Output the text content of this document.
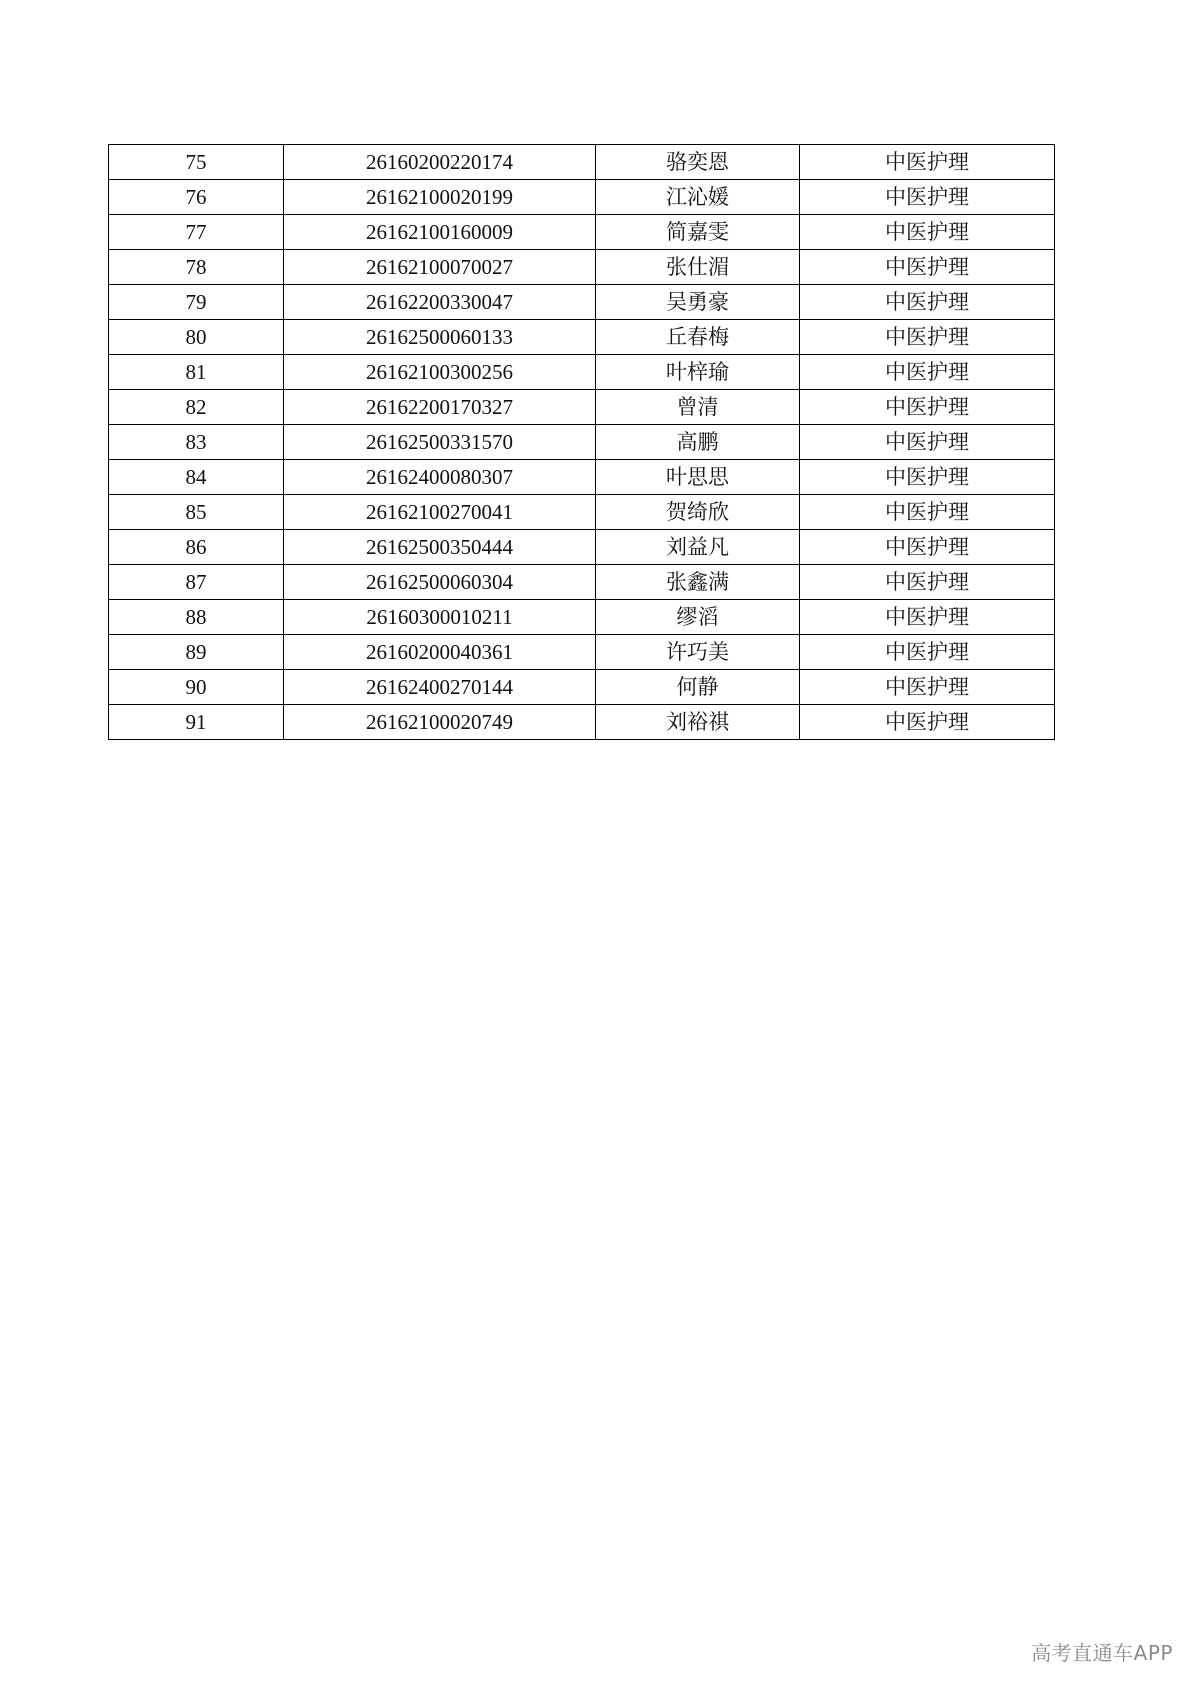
75	26160200220174	骆奕恩	中医护理
76	26162100020199	江沁媛	中医护理
77	26162100160009	简嘉雯	中医护理
78	26162100070027	张仕湄	中医护理
79	26162200330047	吴勇豪	中医护理
80	26162500060133	丘春梅	中医护理
81	26162100300256	叶梓瑜	中医护理
82	26162200170327	曾清	中医护理
83	26162500331570	高鹏	中医护理
84	26162400080307	叶思思	中医护理
85	26162100270041	贺绮欣	中医护理
86	26162500350444	刘益凡	中医护理
87	26162500060304	张鑫满	中医护理
88	26160300010211	缪滔	中医护理
89	26160200040361	许巧美	中医护理
90	26162400270144	何静	中医护理
91	26162100020749	刘裕祺	中医护理
高考直通车APP
